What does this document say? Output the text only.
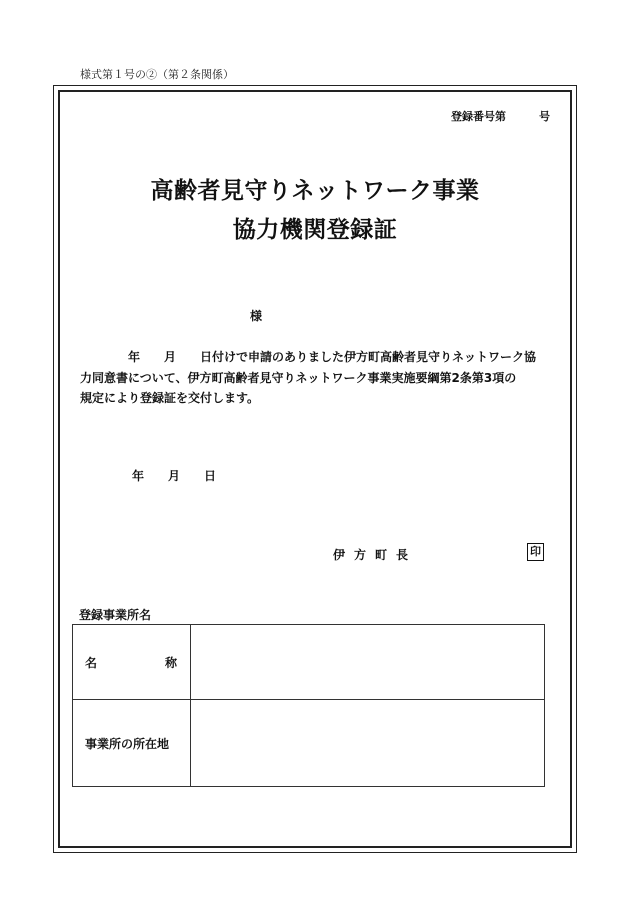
様式第１号の②（第２条関係）
登録番号第　　　号
高齢者見守りネットワーク事業
協力機関登録証
様
　　　　年　　月　　日付けで申請のありました伊方町高齢者見守りネットワーク協
力同意書について、伊方町高齢者見守りネットワーク事業実施要綱第2条第3項の
規定により登録証を交付します。
年　　月　　日
伊方町長	印
登録事業所名
名 称	

事業所の所在地	
